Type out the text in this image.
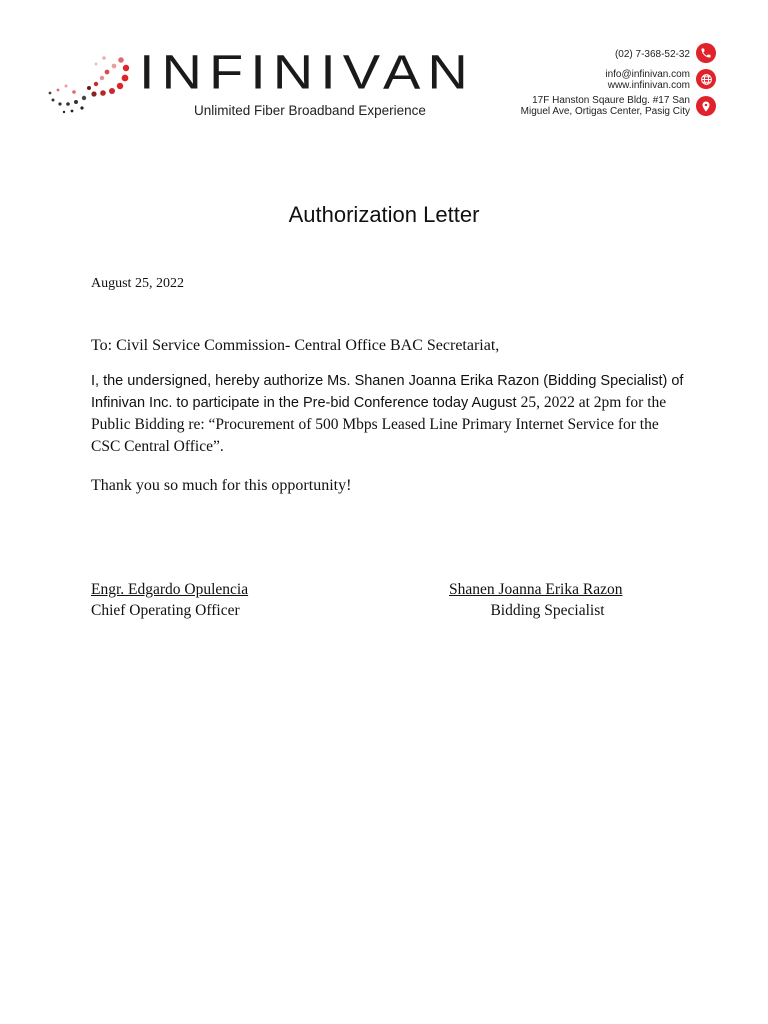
INFINIVAN
Unlimited Fiber Broadband Experience
(02) 7-368-52-32
info@infinivan.com
www.infinivan.com
17F Hanston Sqaure Bldg. #17 San
Miguel Ave, Ortigas Center, Pasig City
Authorization Letter
August 25, 2022
To: Civil Service Commission- Central Office BAC Secretariat,

I, the undersigned, hereby authorize Ms. Shanen Joanna Erika Razon (Bidding Specialist) of Infinivan Inc. to participate in the Pre-bid Conference today August 25, 2022 at 2pm for the Public Bidding re: “Procurement of 500 Mbps Leased Line Primary Internet Service for the CSC Central Office”.

Thank you so much for this opportunity!
Engr. Edgardo Opulencia
Chief Operating Officer
Shanen Joanna Erika Razon
Bidding Specialist
